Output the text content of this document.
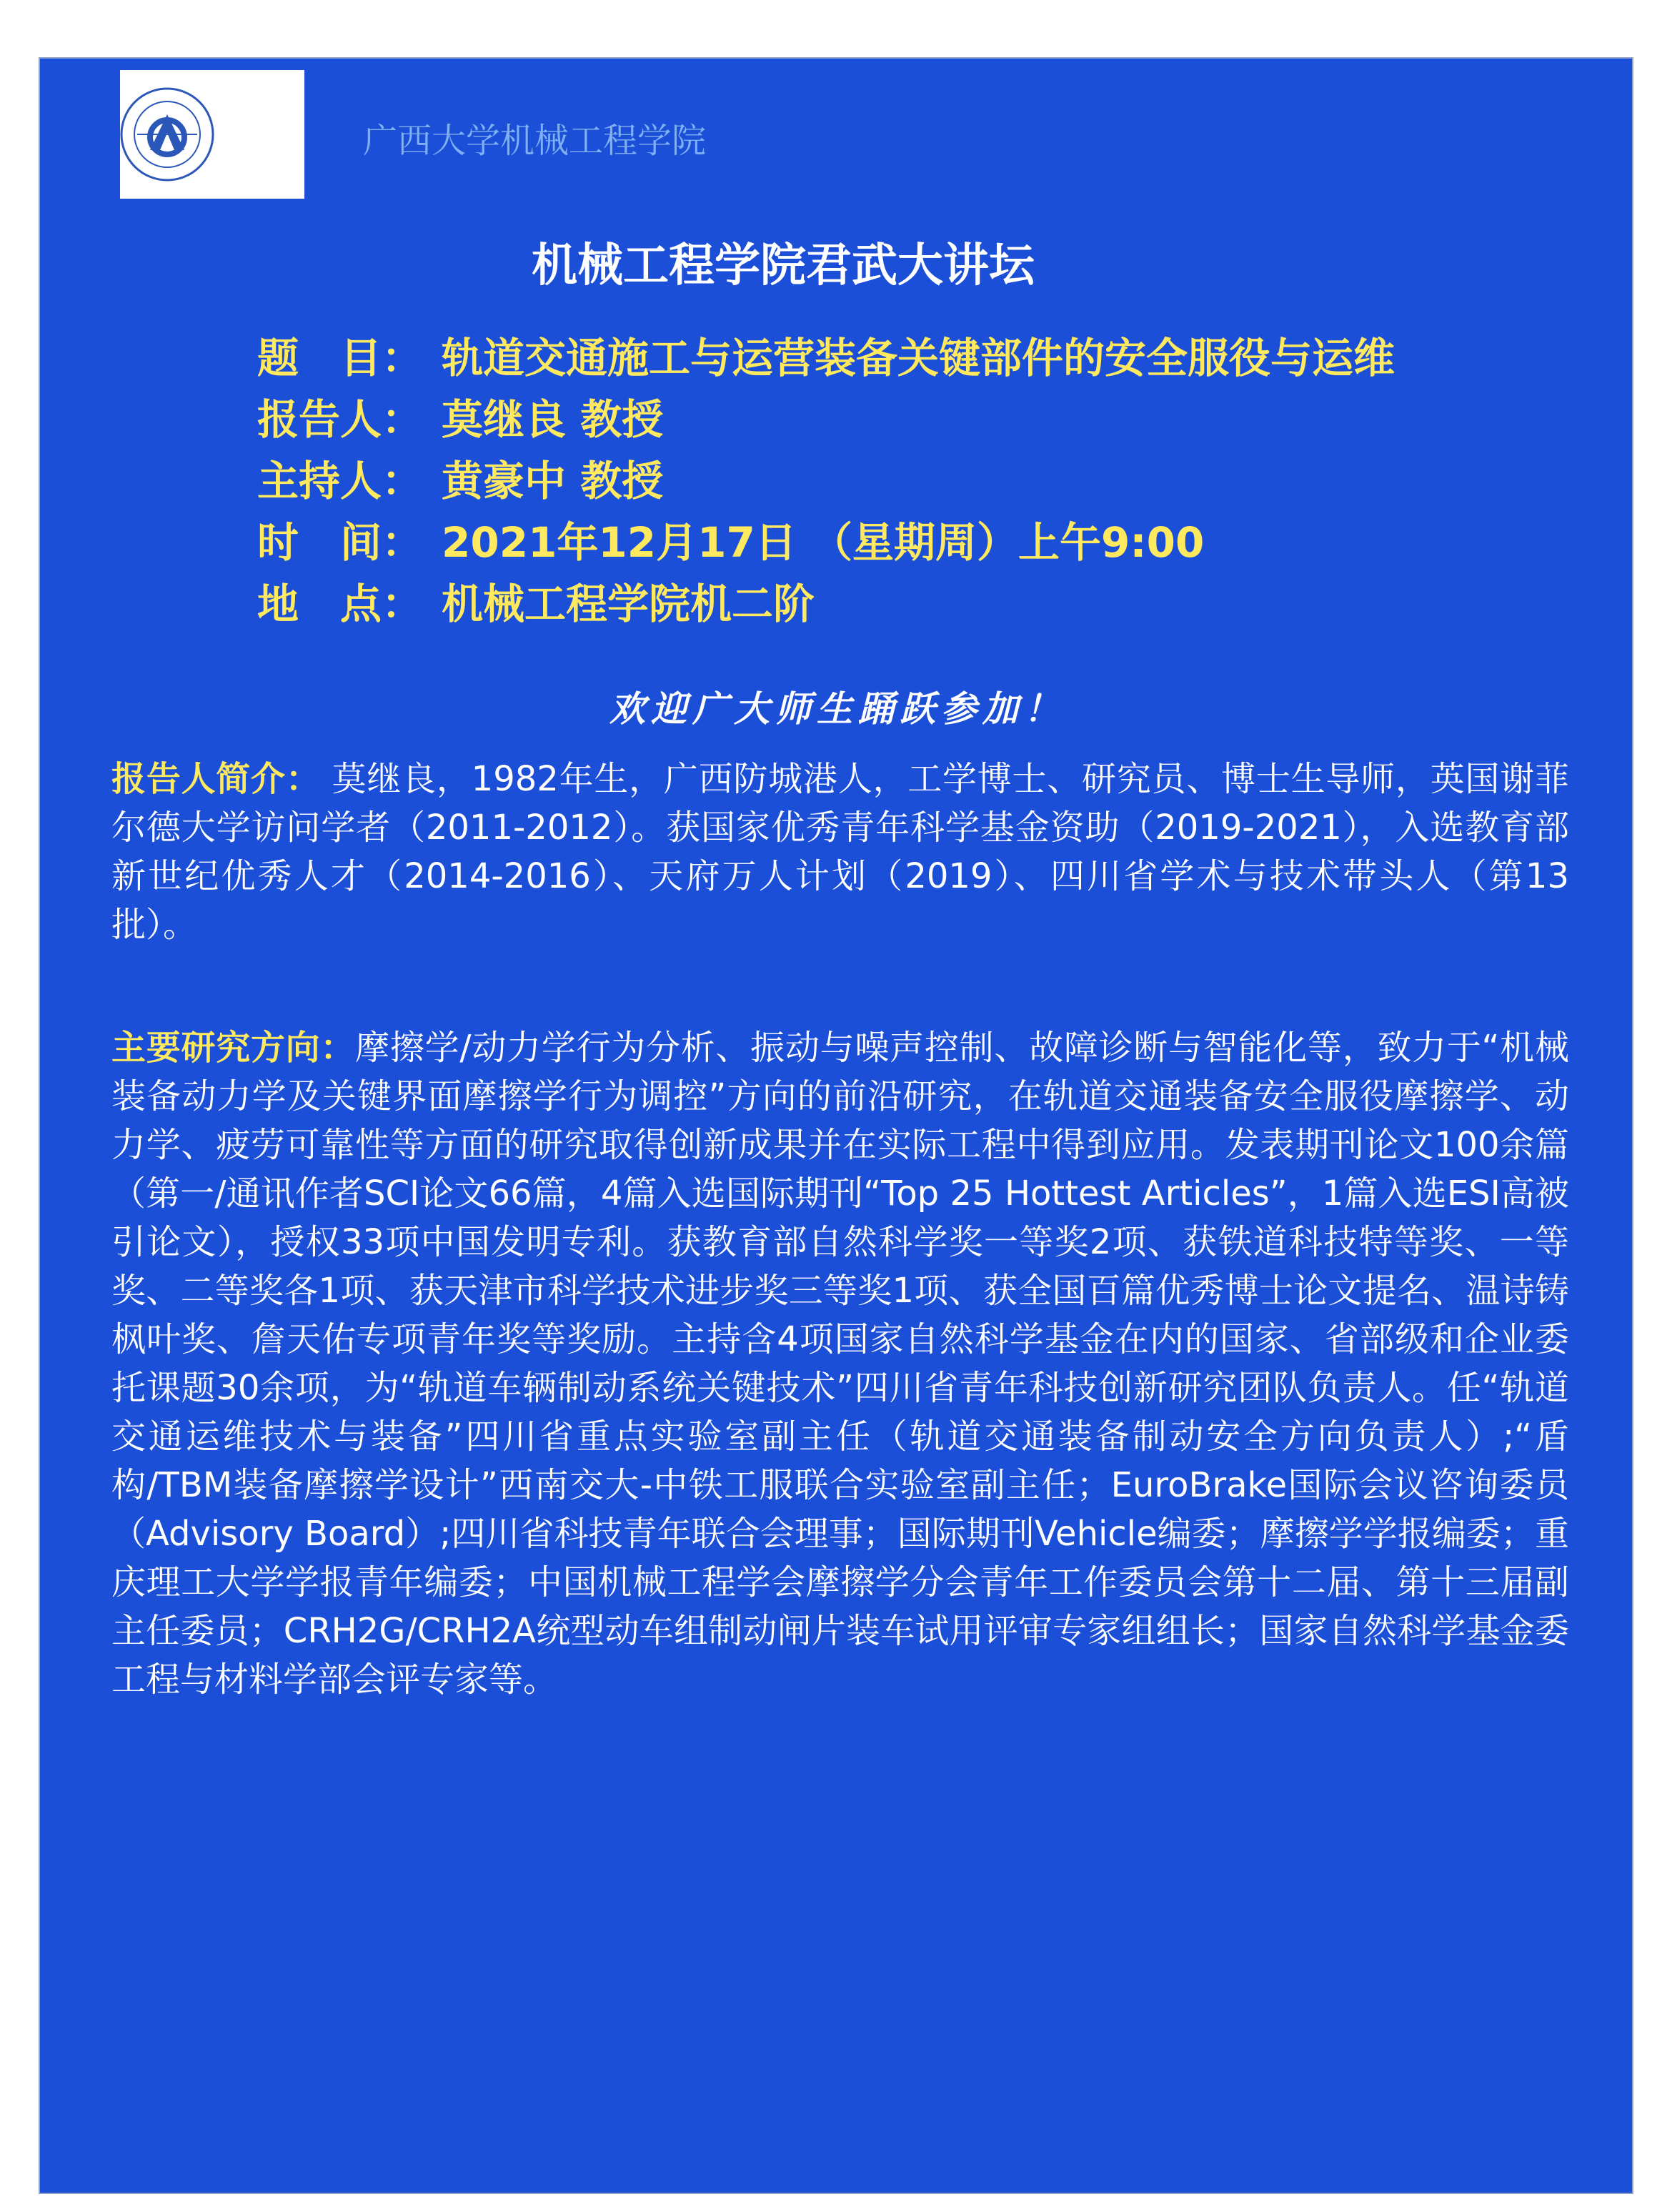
广西大学机械工程学院
机械工程学院君武大讲坛
题　目： 轨道交通施工与运营装备关键部件的安全服役与运维
报告人： 莫继良 教授
主持人： 黄豪中 教授
时　间： 2021年12月17日 （星期周）上午9:00
地　点： 机械工程学院机二阶
欢迎广大师生踊跃参加！

报告人简介： 莫继良，1982年生，广西防城港人，工学博士、研究员、博士生导师，英国谢菲尔德大学访问学者（2011-2012）。获国家优秀青年科学基金资助（2019-2021），入选教育部新世纪优秀人才（2014-2016）、天府万人计划（2019）、四川省学术与技术带头人（第13批）。

主要研究方向：摩擦学/动力学行为分析、振动与噪声控制、故障诊断与智能化等，致力于“机械装备动力学及关键界面摩擦学行为调控”方向的前沿研究，在轨道交通装备安全服役摩擦学、动力学、疲劳可靠性等方面的研究取得创新成果并在实际工程中得到应用。发表期刊论文100余篇（第一/通讯作者SCI论文66篇，4篇入选国际期刊“Top 25 Hottest Articles”，1篇入选ESI高被引论文），授权33项中国发明专利。获教育部自然科学奖一等奖2项、获铁道科技特等奖、一等奖、二等奖各1项、获天津市科学技术进步奖三等奖1项、获全国百篇优秀博士论文提名、温诗铸枫叶奖、詹天佑专项青年奖等奖励。主持含4项国家自然科学基金在内的国家、省部级和企业委托课题30余项，为“轨道车辆制动系统关键技术”四川省青年科技创新研究团队负责人。任“轨道交通运维技术与装备”四川省重点实验室副主任（轨道交通装备制动安全方向负责人）;“盾构/TBM装备摩擦学设计”西南交大-中铁工服联合实验室副主任；EuroBrake国际会议咨询委员（Advisory Board）;四川省科技青年联合会理事；国际期刊Vehicle编委；摩擦学学报编委；重庆理工大学学报青年编委；中国机械工程学会摩擦学分会青年工作委员会第十二届、第十三届副主任委员；CRH2G/CRH2A统型动车组制动闸片装车试用评审专家组组长；国家自然科学基金委工程与材料学部会评专家等。
